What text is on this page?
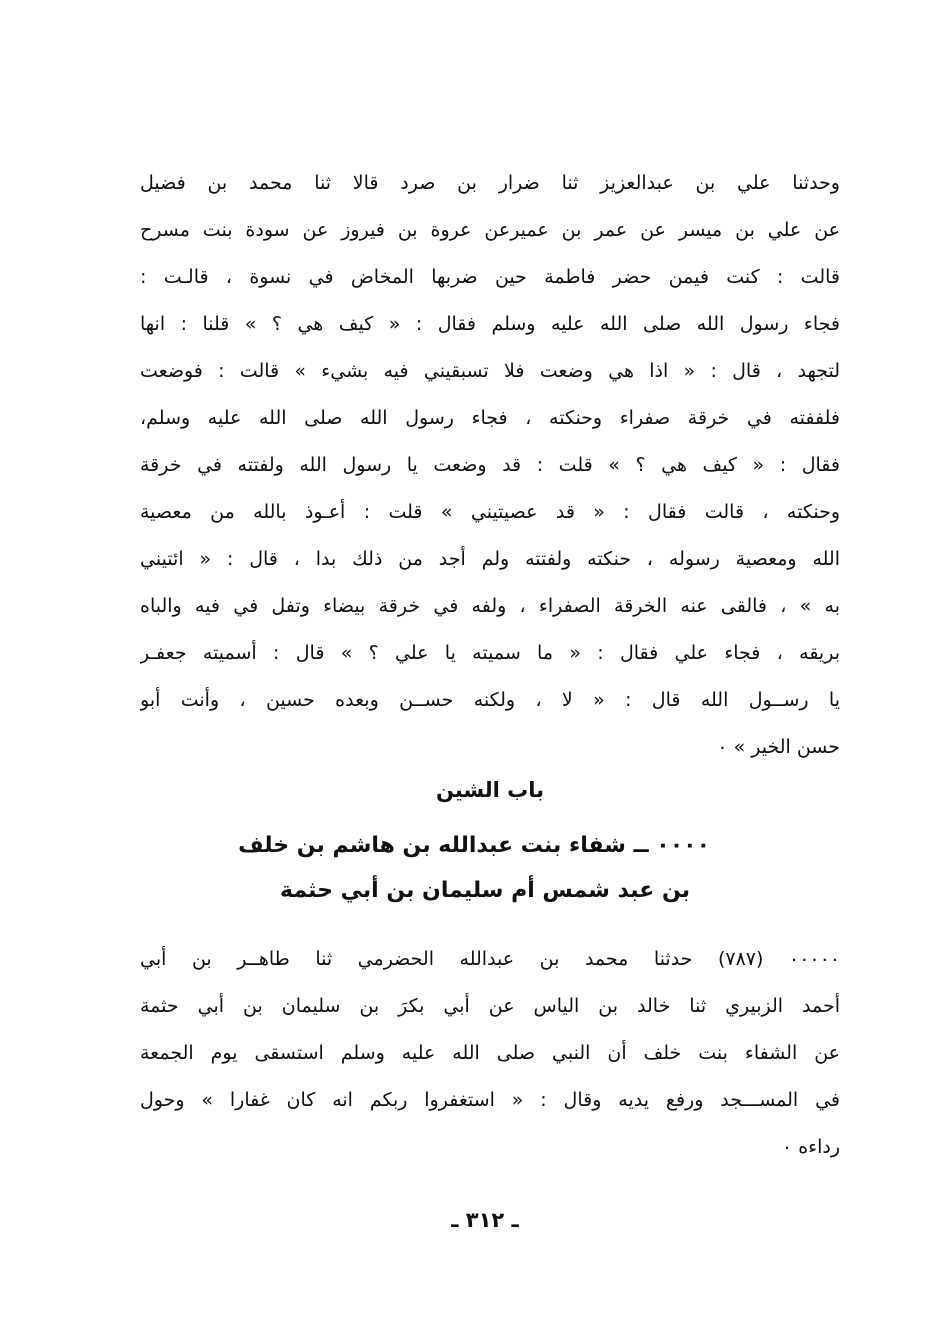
وحدثنا علي بن عبدالعزيز ثنا ضرار بن صرد قالا ثنا محمد بن فضيل
عن علي بن ميسر عن عمر بن عميرعن عروة بن فيروز عن سودة بنت مسرح
قالت : كنت فيمن حضر فاطمة حين ضربها المخاض في نسوة ، قالـت :
فجاء رسول الله صلى الله عليه وسلم فقال : « كيف هي ؟ » قلنا : انها
لتجهد ، قال : « اذا هي وضعت فلا تسبقيني فيه بشيء » قالت : فوضعت
فلففته في خرقة صفراء وحنكته ، فجاء رسول الله صلى الله عليه وسلم،
فقال : « كيف هي ؟ » قلت : قد وضعت يا رسول الله ولفتته في خرقة
وحنكته ، قالت فقال : « قد عصيتيني » قلت : أعـوذ بالله من معصية
الله ومعصية رسوله ، حنكته ولفتته ولم أجد من ذلك بدا ، قال : « ائتيني
به » ، فالقى عنه الخرقة الصفراء ، ولفه في خرقة بيضاء وتفل في فيه والباه
بريقه ، فجاء علي فقال : « ما سميته يا علي ؟ » قال : أسميته جعفـر
يا رســول الله قال : « لا ، ولكنه حســن وبعده حسين ، وأنت أبو
حسن الخير » ٠
باب الشين
٠٠٠٠ ــ شفاء بنت عبدالله بن هاشم بن خلف
بن عبد شمس أم سليمان بن أبي حثمة
٠٠٠٠٠ (٧٨٧) حدثنا محمد بن عبدالله الحضرمي ثنا طاهــر بن أبي
أحمد الزبيري ثنا خالد بن الياس عن أبي بكرَ بن سليمان بن أبي حثمة
عن الشفاء بنت خلف أن النبي صلى الله عليه وسلم استسقى يوم الجمعة
في المســـجد ورفع يديه وقال : « استغفروا ربكم انه كان غفارا » وحول
رداءه ٠
ـ ٣١٢ ـ
